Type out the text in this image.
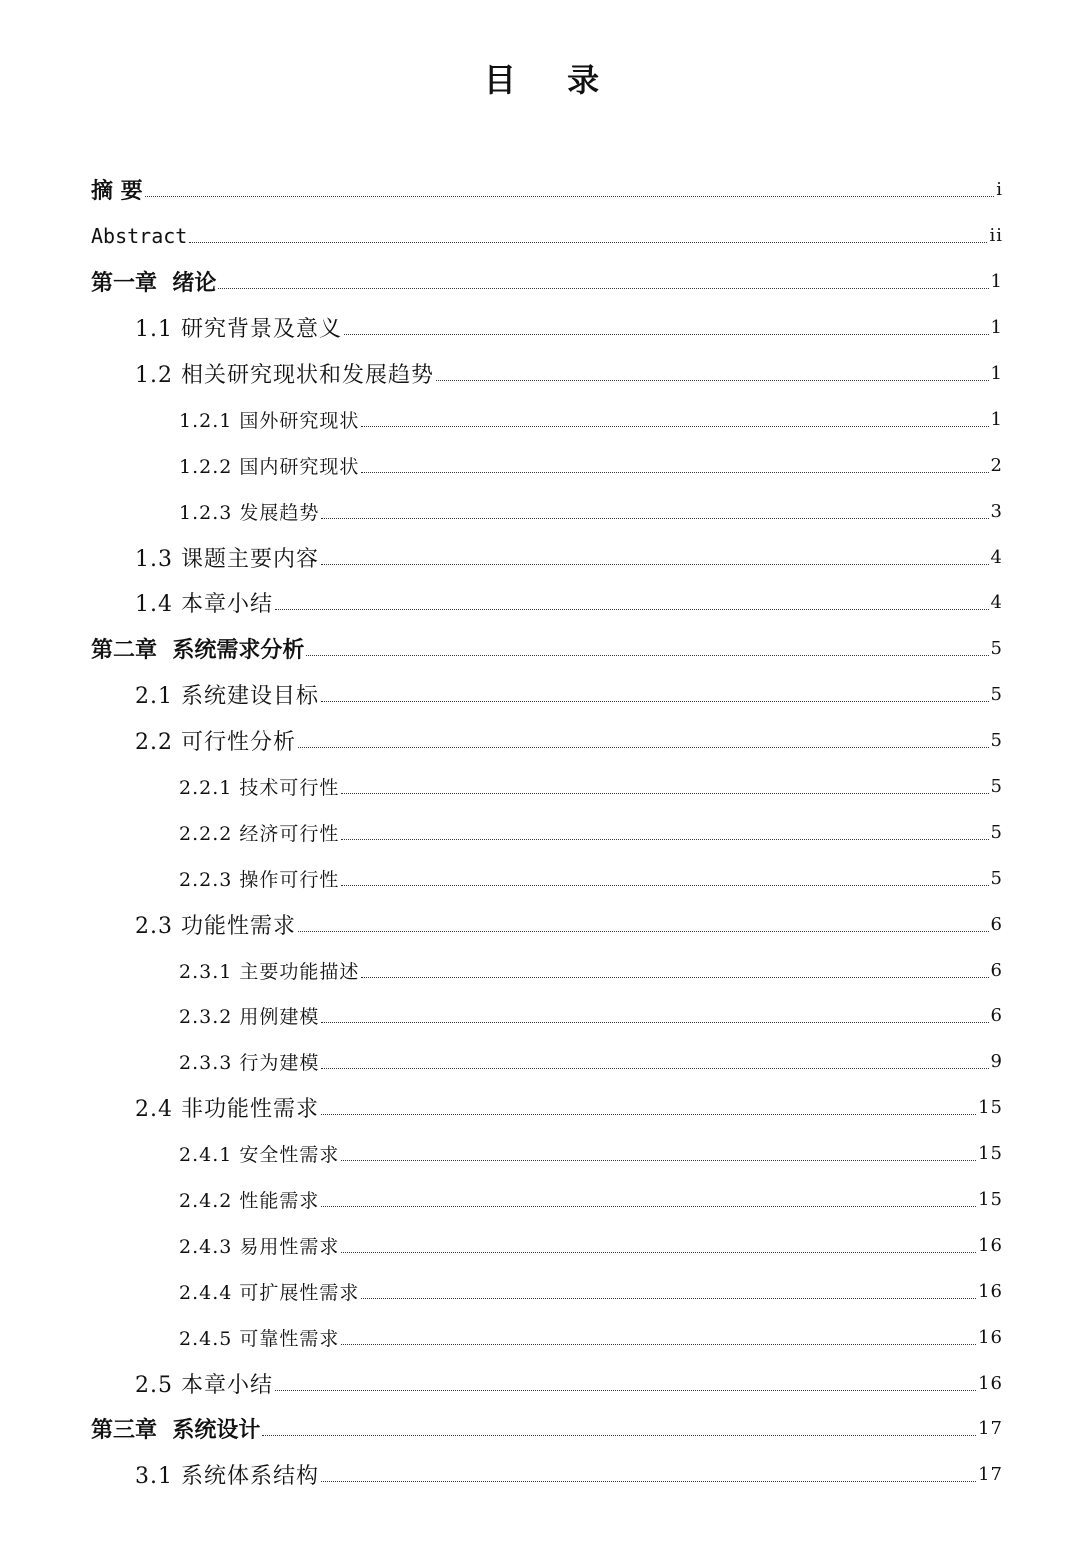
目 录
摘 要	i
Abstract	ii
第一章  绪论	1
1.1 研究背景及意义	1
1.2 相关研究现状和发展趋势	1
1.2.1 国外研究现状	1
1.2.2 国内研究现状	2
1.2.3 发展趋势	3
1.3 课题主要内容	4
1.4 本章小结	4
第二章  系统需求分析	5
2.1 系统建设目标	5
2.2 可行性分析	5
2.2.1 技术可行性	5
2.2.2 经济可行性	5
2.2.3 操作可行性	5
2.3 功能性需求	6
2.3.1 主要功能描述	6
2.3.2 用例建模	6
2.3.3 行为建模	9
2.4 非功能性需求	15
2.4.1 安全性需求	15
2.4.2 性能需求	15
2.4.3 易用性需求	16
2.4.4 可扩展性需求	16
2.4.5 可靠性需求	16
2.5 本章小结	16
第三章  系统设计	17
3.1 系统体系结构	17
